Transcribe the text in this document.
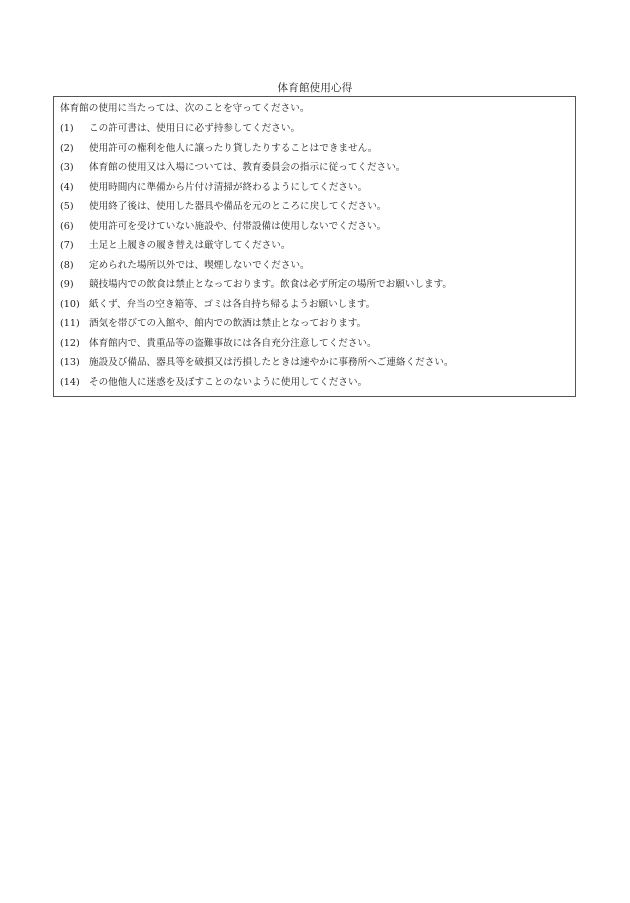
体育館使用心得
体育館の使用に当たっては、次のことを守ってください。
(1)	この許可書は、使用日に必ず持参してください。
(2)	使用許可の権利を他人に譲ったり貸したりすることはできません。
(3)	体育館の使用又は入場については、教育委員会の指示に従ってください。
(4)	使用時間内に準備から片付け清掃が終わるようにしてください。
(5)	使用終了後は、使用した器具や備品を元のところに戻してください。
(6)	使用許可を受けていない施設や、付帯設備は使用しないでください。
(7)	土足と上履きの履き替えは厳守してください。
(8)	定められた場所以外では、喫煙しないでください。
(9)	競技場内での飲食は禁止となっております。飲食は必ず所定の場所でお願いします。
(10) 紙くず、弁当の空き箱等、ゴミは各自持ち帰るようお願いします。
(11) 酒気を帯びての入館や、館内での飲酒は禁止となっております。
(12) 体育館内で、貴重品等の盗難事故には各自充分注意してください。
(13) 施設及び備品、器具等を破損又は汚損したときは速やかに事務所へご連絡ください。
(14) その他他人に迷惑を及ぼすことのないように使用してください。
